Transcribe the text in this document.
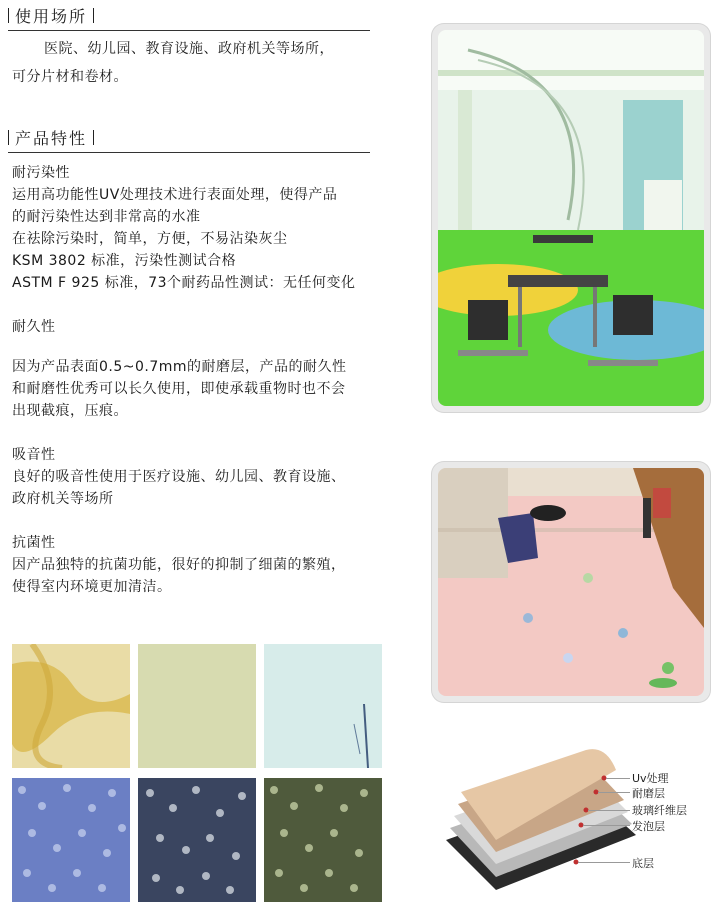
使用场所
医院、幼儿园、教育设施、政府机关等场所，
可分片材和卷材。
产品特性
耐污染性
运用高功能性UV处理技术进行表面处理，使得产品
的耐污染性达到非常高的水准
在祛除污染时，简单，方便，不易沾染灰尘
KSM 3802 标准，污染性测试合格
ASTM F 925 标准，73个耐药品性测试：无任何变化
耐久性
因为产品表面0.5~0.7mm的耐磨层，产品的耐久性
和耐磨性优秀可以长久使用，即使承载重物时也不会
出现截痕，压痕。
吸音性
良好的吸音性使用于医疗设施、幼儿园、教育设施、
政府机关等场所
抗菌性
因产品独特的抗菌功能，很好的抑制了细菌的繁殖，
使得室内环境更加清洁。
Uv处理
耐磨层
玻璃纤维层
发泡层
底层
